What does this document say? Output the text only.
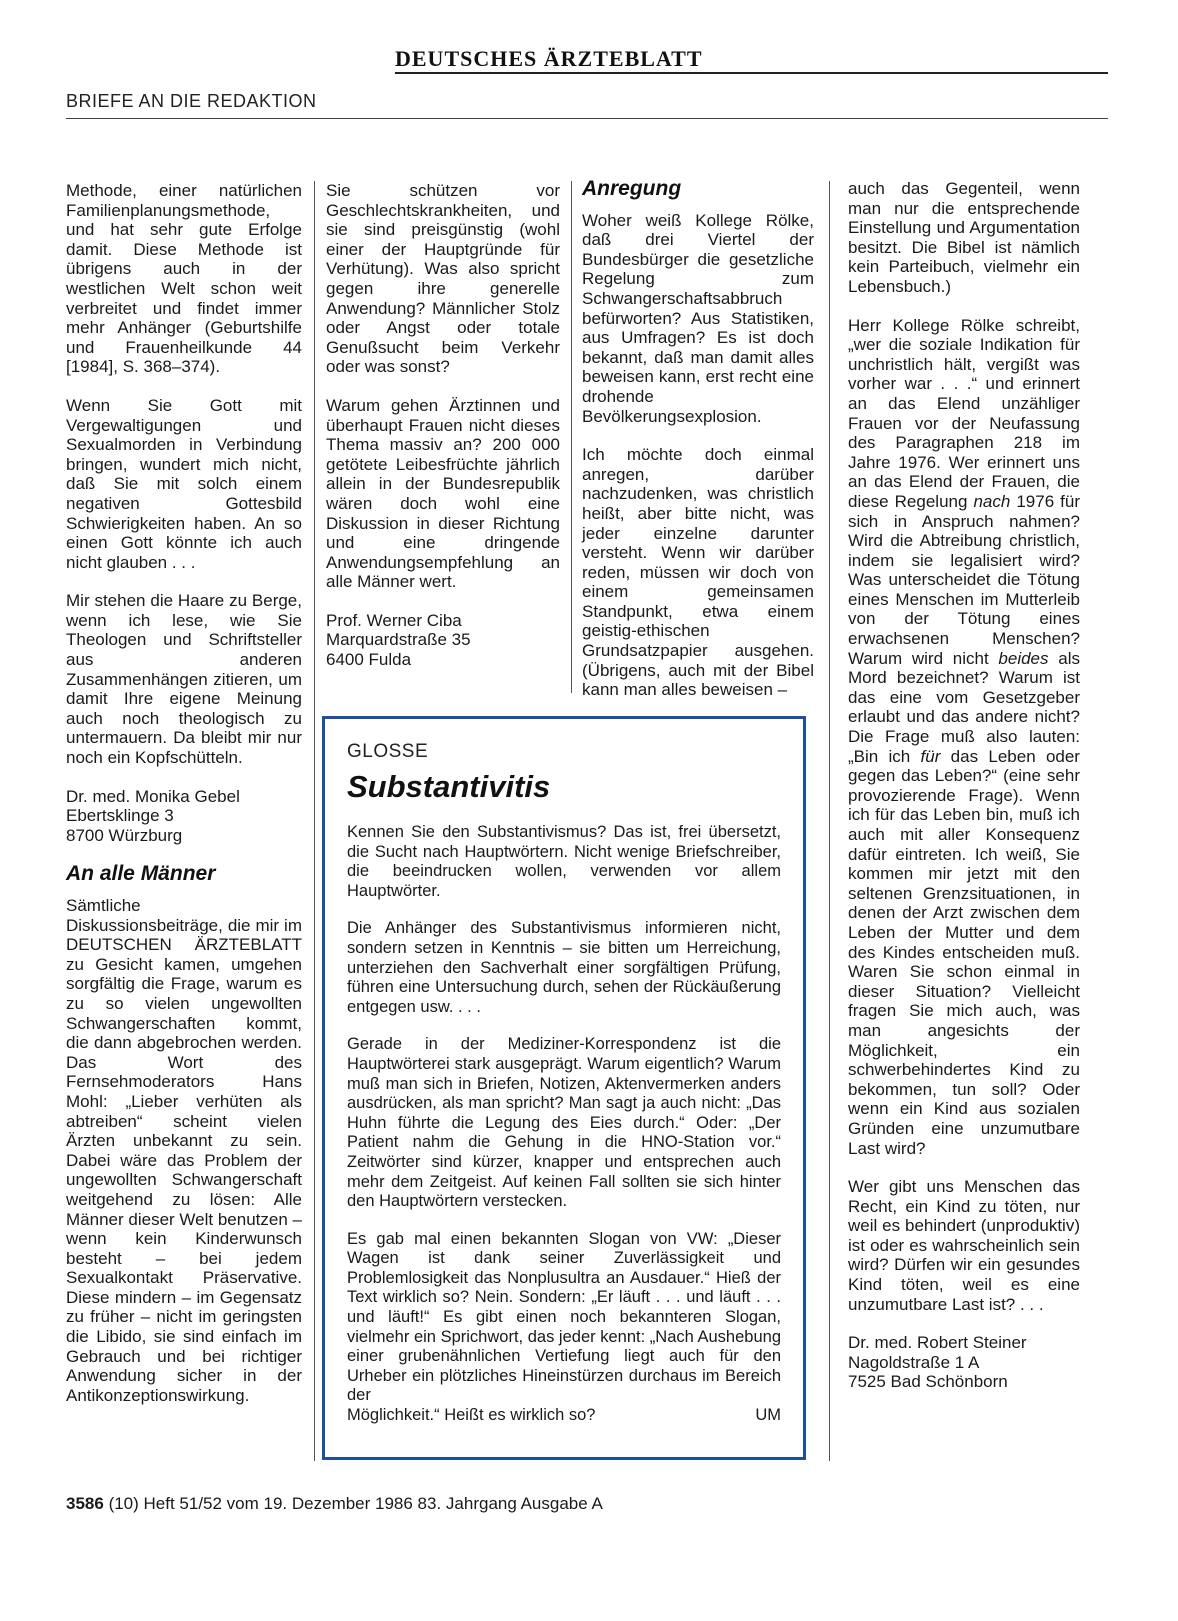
DEUTSCHES ÄRZTEBLATT
BRIEFE AN DIE REDAKTION

Methode, einer natürlichen Familienplanungsmethode, und hat sehr gute Erfolge damit. Diese Methode ist übrigens auch in der westlichen Welt schon weit verbreitet und findet immer mehr Anhänger (Geburtshilfe und Frauenheilkunde 44 [1984], S. 368–374).

Wenn Sie Gott mit Vergewaltigungen und Sexualmorden in Verbindung bringen, wundert mich nicht, daß Sie mit solch einem negativen Gottesbild Schwierigkeiten haben. An so einen Gott könnte ich auch nicht glauben . . .

Mir stehen die Haare zu Berge, wenn ich lese, wie Sie Theologen und Schriftsteller aus anderen Zusammenhängen zitieren, um damit Ihre eigene Meinung auch noch theologisch zu untermauern. Da bleibt mir nur noch ein Kopfschütteln.

Dr. med. Monika Gebel
Ebertsklinge 3
8700 Würzburg
An alle Männer

Sämtliche Diskussionsbeiträge, die mir im DEUTSCHEN ÄRZTEBLATT zu Gesicht kamen, umgehen sorgfältig die Frage, warum es zu so vielen ungewollten Schwangerschaften kommt, die dann abgebrochen werden. Das Wort des Fernsehmoderators Hans Mohl: „Lieber verhüten als abtreiben“ scheint vielen Ärzten unbekannt zu sein. Dabei wäre das Problem der ungewollten Schwangerschaft weitgehend zu lösen: Alle Männer dieser Welt benutzen – wenn kein Kinderwunsch besteht – bei jedem Sexualkontakt Präservative. Diese mindern – im Gegensatz zu früher – nicht im geringsten die Libido, sie sind einfach im Gebrauch und bei richtiger Anwendung sicher in der Antikonzeptionswirkung.

Sie schützen vor Geschlechtskrankheiten, und sie sind preisgünstig (wohl einer der Hauptgründe für Verhütung). Was also spricht gegen ihre generelle Anwendung? Männlicher Stolz oder Angst oder totale Genußsucht beim Verkehr oder was sonst?

Warum gehen Ärztinnen und überhaupt Frauen nicht dieses Thema massiv an? 200 000 getötete Leibesfrüchte jährlich allein in der Bundesrepublik wären doch wohl eine Diskussion in dieser Richtung und eine dringende Anwendungsempfehlung an alle Männer wert.

Prof. Werner Ciba
Marquardstraße 35
6400 Fulda
Anregung

Woher weiß Kollege Rölke, daß drei Viertel der Bundesbürger die gesetzliche Regelung zum Schwangerschaftsabbruch befürworten? Aus Statistiken, aus Umfragen? Es ist doch bekannt, daß man damit alles beweisen kann, erst recht eine drohende Bevölkerungsexplosion.

Ich möchte doch einmal anregen, darüber nachzudenken, was christlich heißt, aber bitte nicht, was jeder einzelne darunter versteht. Wenn wir darüber reden, müssen wir doch von einem gemeinsamen Standpunkt, etwa einem geistig-ethischen Grundsatzpapier ausgehen. (Übrigens, auch mit der Bibel kann man alles beweisen –

auch das Gegenteil, wenn man nur die entsprechende Einstellung und Argumentation besitzt. Die Bibel ist nämlich kein Parteibuch, vielmehr ein Lebensbuch.)

Herr Kollege Rölke schreibt, „wer die soziale Indikation für unchristlich hält, vergißt was vorher war . . .“ und erinnert an das Elend unzähliger Frauen vor der Neufassung des Paragraphen 218 im Jahre 1976. Wer erinnert uns an das Elend der Frauen, die diese Regelung nach 1976 für sich in Anspruch nahmen? Wird die Abtreibung christlich, indem sie legalisiert wird? Was unterscheidet die Tötung eines Menschen im Mutterleib von der Tötung eines erwachsenen Menschen? Warum wird nicht beides als Mord bezeichnet? Warum ist das eine vom Gesetzgeber erlaubt und das andere nicht? Die Frage muß also lauten: „Bin ich für das Leben oder gegen das Leben?“ (eine sehr provozierende Frage). Wenn ich für das Leben bin, muß ich auch mit aller Konsequenz dafür eintreten. Ich weiß, Sie kommen mir jetzt mit den seltenen Grenzsituationen, in denen der Arzt zwischen dem Leben der Mutter und dem des Kindes entscheiden muß. Waren Sie schon einmal in dieser Situation? Vielleicht fragen Sie mich auch, was man angesichts der Möglichkeit, ein schwerbehindertes Kind zu bekommen, tun soll? Oder wenn ein Kind aus sozialen Gründen eine unzumutbare Last wird?

Wer gibt uns Menschen das Recht, ein Kind zu töten, nur weil es behindert (unproduktiv) ist oder es wahrscheinlich sein wird? Dürfen wir ein gesundes Kind töten, weil es eine unzumutbare Last ist? . . .

Dr. med. Robert Steiner
Nagoldstraße 1 A
7525 Bad Schönborn
GLOSSE
Substantivitis

Kennen Sie den Substantivismus? Das ist, frei übersetzt, die Sucht nach Hauptwörtern. Nicht wenige Briefschreiber, die beeindrucken wollen, verwenden vor allem Hauptwörter.

Die Anhänger des Substantivismus informieren nicht, sondern setzen in Kenntnis – sie bitten um Herreichung, unterziehen den Sachverhalt einer sorgfältigen Prüfung, führen eine Untersuchung durch, sehen der Rückäußerung entgegen usw. . . .

Gerade in der Mediziner-Korrespondenz ist die Hauptwörterei stark ausgeprägt. Warum eigentlich? Warum muß man sich in Briefen, Notizen, Aktenvermerken anders ausdrücken, als man spricht? Man sagt ja auch nicht: „Das Huhn führte die Legung des Eies durch.“ Oder: „Der Patient nahm die Gehung in die HNO-Station vor.“ Zeitwörter sind kürzer, knapper und entsprechen auch mehr dem Zeitgeist. Auf keinen Fall sollten sie sich hinter den Hauptwörtern verstecken.

Es gab mal einen bekannten Slogan von VW: „Dieser Wagen ist dank seiner Zuverlässigkeit und Problemlosigkeit das Nonplusultra an Ausdauer.“ Hieß der Text wirklich so? Nein. Sondern: „Er läuft . . . und läuft . . . und läuft!“ Es gibt einen noch bekannteren Slogan, vielmehr ein Sprichwort, das jeder kennt: „Nach Aushebung einer grubenähnlichen Vertiefung liegt auch für den Urheber ein plötzliches Hineinstürzen durchaus im Bereich der
Möglichkeit.“ Heißt es wirklich so?	UM

3586 (10) Heft 51/52 vom 19. Dezember 1986 83. Jahrgang Ausgabe A
